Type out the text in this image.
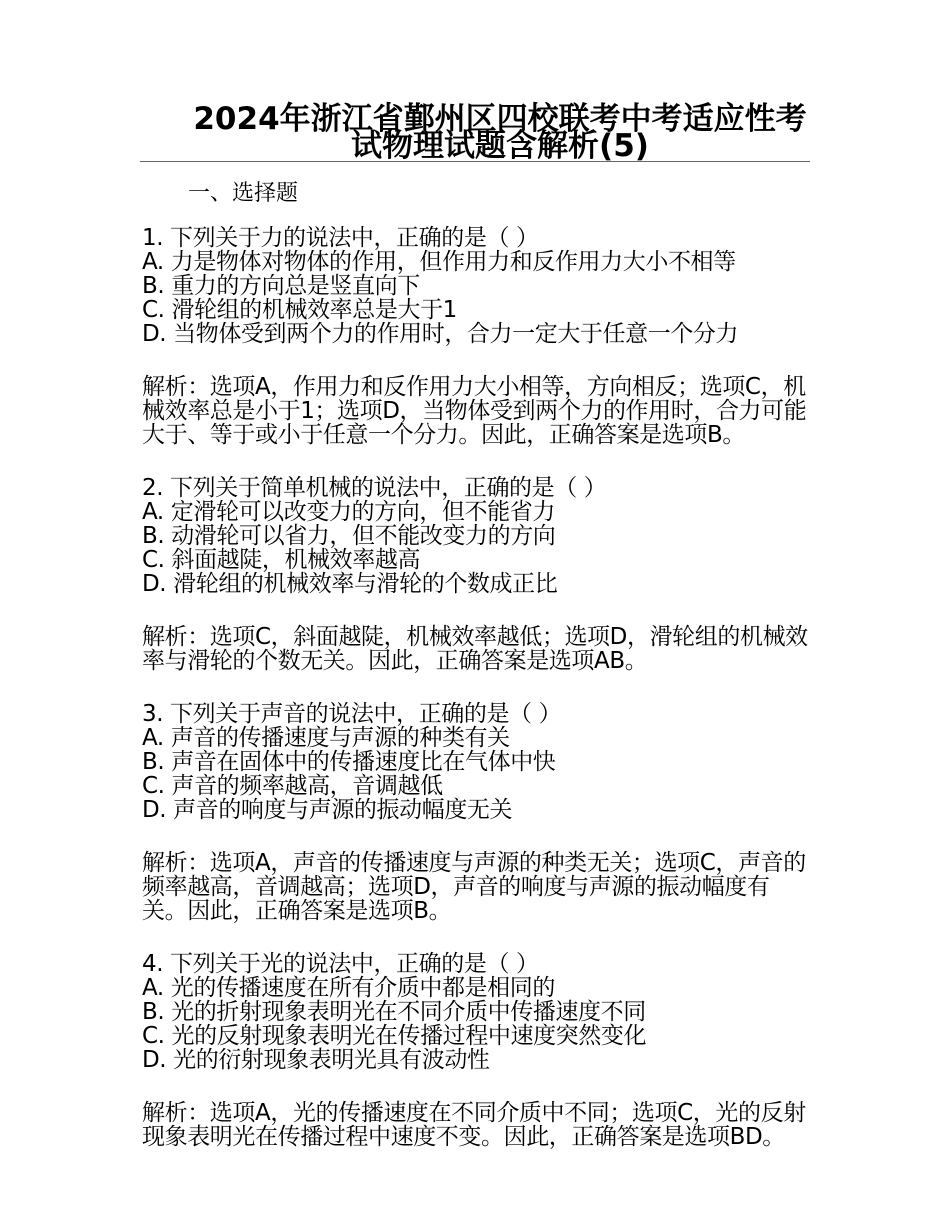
2024年浙江省鄞州区四校联考中考适应性考试物理试题含解析(5)
一、选择题
1. 下列关于力的说法中，正确的是（ ）
A. 力是物体对物体的作用，但作用力和反作用力大小不相等
B. 重力的方向总是竖直向下
C. 滑轮组的机械效率总是大于1
D. 当物体受到两个力的作用时，合力一定大于任意一个分力
解析：选项A，作用力和反作用力大小相等，方向相反；选项C，机械效率总是小于1；选项D，当物体受到两个力的作用时，合力可能大于、等于或小于任意一个分力。因此，正确答案是选项B。
2. 下列关于简单机械的说法中，正确的是（ ）
A. 定滑轮可以改变力的方向，但不能省力
B. 动滑轮可以省力，但不能改变力的方向
C. 斜面越陡，机械效率越高
D. 滑轮组的机械效率与滑轮的个数成正比
解析：选项C，斜面越陡，机械效率越低；选项D，滑轮组的机械效率与滑轮的个数无关。因此，正确答案是选项AB。
3. 下列关于声音的说法中，正确的是（ ）
A. 声音的传播速度与声源的种类有关
B. 声音在固体中的传播速度比在气体中快
C. 声音的频率越高，音调越低
D. 声音的响度与声源的振动幅度无关
解析：选项A，声音的传播速度与声源的种类无关；选项C，声音的频率越高，音调越高；选项D，声音的响度与声源的振动幅度有关。因此，正确答案是选项B。
4. 下列关于光的说法中，正确的是（ ）
A. 光的传播速度在所有介质中都是相同的
B. 光的折射现象表明光在不同介质中传播速度不同
C. 光的反射现象表明光在传播过程中速度突然变化
D. 光的衍射现象表明光具有波动性
解析：选项A，光的传播速度在不同介质中不同；选项C，光的反射现象表明光在传播过程中速度不变。因此，正确答案是选项BD。
